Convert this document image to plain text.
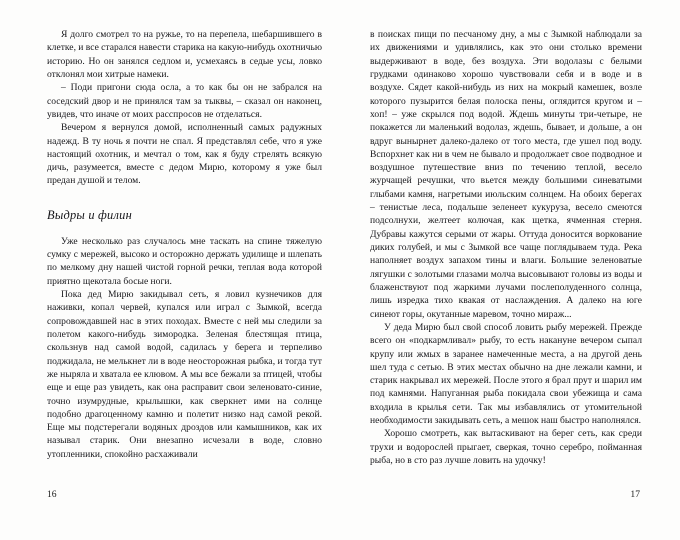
Я долго смотрел то на ружье, то на перепела, шебаршившего в клетке, и все старался навести старика на какую-нибудь охотничью историю. Но он занялся седлом и, усмехаясь в седые усы, ловко отклонял мои хитрые намеки.

– Поди пригони сюда осла, а то как бы он не забрался на соседский двор и не принялся там за тыквы, – сказал он наконец, увидев, что иначе от моих расспросов не отделаться.

Вечером я вернулся домой, исполненный самых радужных надежд. В ту ночь я почти не спал. Я представлял себе, что я уже настоящий охотник, и мечтал о том, как я буду стрелять всякую дичь, разумеется, вместе с дедом Мирю, которому я уже был предан душой и телом.

Выдры и филин

Уже несколько раз случалось мне таскать на спине тяжелую сумку с мережей, высоко и осторожно держать удилище и шлепать по мелкому дну нашей чистой горной речки, теплая вода которой приятно щекотала босые ноги.

Пока дед Мирю закидывал сеть, я ловил кузнечиков для наживки, копал червей, купался или играл с Зымкой, всегда сопровождавшей нас в этих походах. Вместе с ней мы следили за полетом какого-нибудь зимородка. Зеленая блестящая птица, скользнув над самой водой, садилась у берега и терпеливо поджидала, не мелькнет ли в воде неосторожная рыбка, и тогда тут же ныряла и хватала ее клювом. А мы все бежали за птицей, чтобы еще и еще раз увидеть, как она расправит свои зеленовато-синие, точно изумрудные, крылышки, как сверкнет ими на солнце подобно драгоценному камню и полетит низко над самой рекой. Еще мы подстерегали водяных дроздов или камышников, как их называл старик. Они внезапно исчезали в воде, словно утопленники, спокойно расхаживали

16

в поисках пищи по песчаному дну, а мы с Зымкой наблюдали за их движениями и удивлялись, как это они столько времени выдерживают в воде, без воздуха. Эти водолазы с белыми грудками одинаково хорошо чувствовали себя и в воде и в воздухе. Сядет какой-нибудь из них на мокрый камешек, возле которого пузырится белая полоска пены, оглядится кругом и – хоп! – уже скрылся под водой. Ждешь минуты три-четыре, не покажется ли маленький водолаз, ждешь, бывает, и дольше, а он вдруг вынырнет далеко-далеко от того места, где ушел под воду. Вспорхнет как ни в чем не бывало и продолжает свое подводное и воздушное путешествие вниз по течению теплой, весело журчащей речушки, что вьется между большими синеватыми глыбами камня, нагретыми июльским солнцем. На обоих берегах – тенистые леса, подальше зеленеет кукуруза, весело смеются подсолнухи, желтеет колючая, как щетка, ячменная стерня. Дубравы кажутся серыми от жары. Оттуда доносится воркование диких голубей, и мы с Зымкой все чаще поглядываем туда. Река наполняет воздух запахом тины и влаги. Большие зеленоватые лягушки с золотыми глазами молча высовывают головы из воды и блаженствуют под жаркими лучами послеполуденного солнца, лишь изредка тихо квакая от наслаждения. А далеко на юге синеют горы, окутанные маревом, точно мираж...

У деда Мирю был свой способ ловить рыбу мережей. Прежде всего он «подкармливал» рыбу, то есть накануне вечером сыпал крупу или жмых в заранее намеченные места, а на другой день шел туда с сетью. В этих местах обычно на дне лежали камни, и старик накрывал их мережей. После этого я брал прут и шарил им под камнями. Напуганная рыба покидала свои убежища и сама входила в крылья сети. Так мы избавлялись от утомительной необходимости закидывать сеть, а мешок наш быстро наполнялся.

Хорошо смотреть, как вытаскивают на берег сеть, как среди трухи и водорослей прыгает, сверкая, точно серебро, пойманная рыба, но в сто раз лучше ловить на удочку!

17
